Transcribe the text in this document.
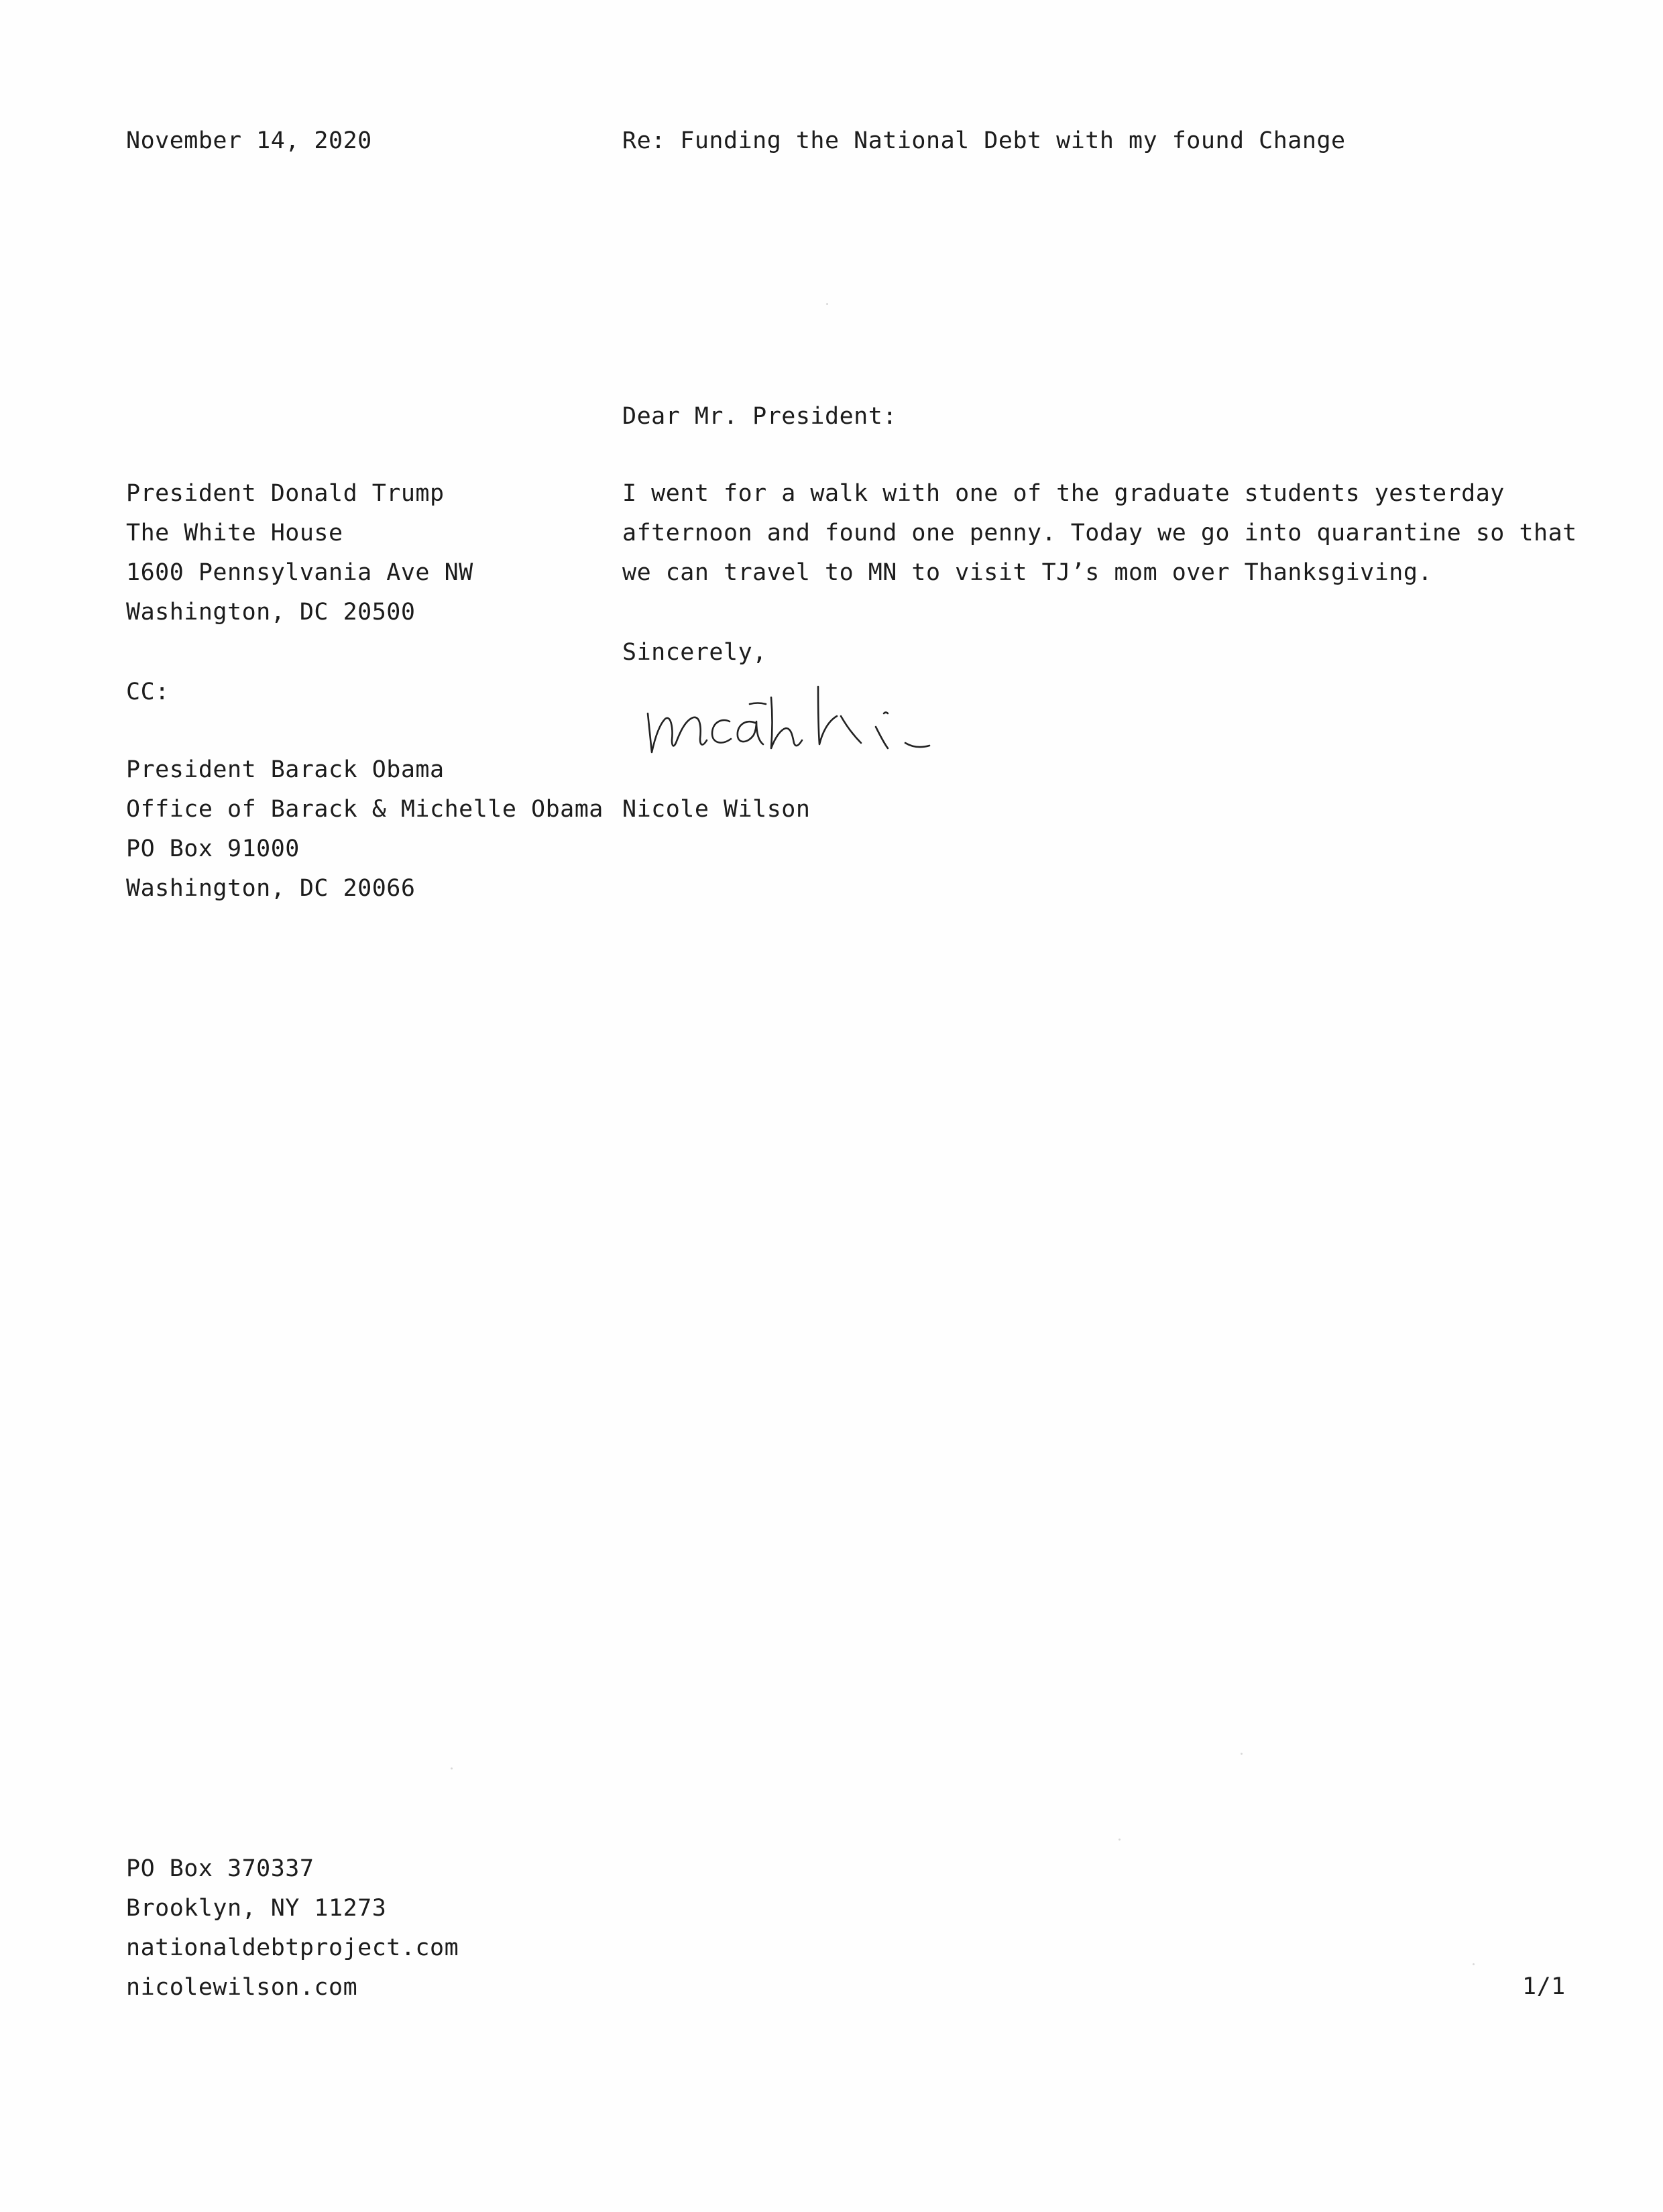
November 14, 2020	Re: Funding the National Debt with my found Change
Dear Mr. President:
President Donald Trump
The White House
1600 Pennsylvania Ave NW
Washington, DC 20500
I went for a walk with one of the graduate students yesterday
afternoon and found one penny. Today we go into quarantine so that
we can travel to MN to visit TJ’s mom over Thanksgiving.
Sincerely,
CC:
President Barack Obama
Office of Barack & Michelle Obama
PO Box 91000
Washington, DC 20066
Nicole Wilson
PO Box 370337
Brooklyn, NY 11273
nationaldebtproject.com
nicolewilson.com	1/1
